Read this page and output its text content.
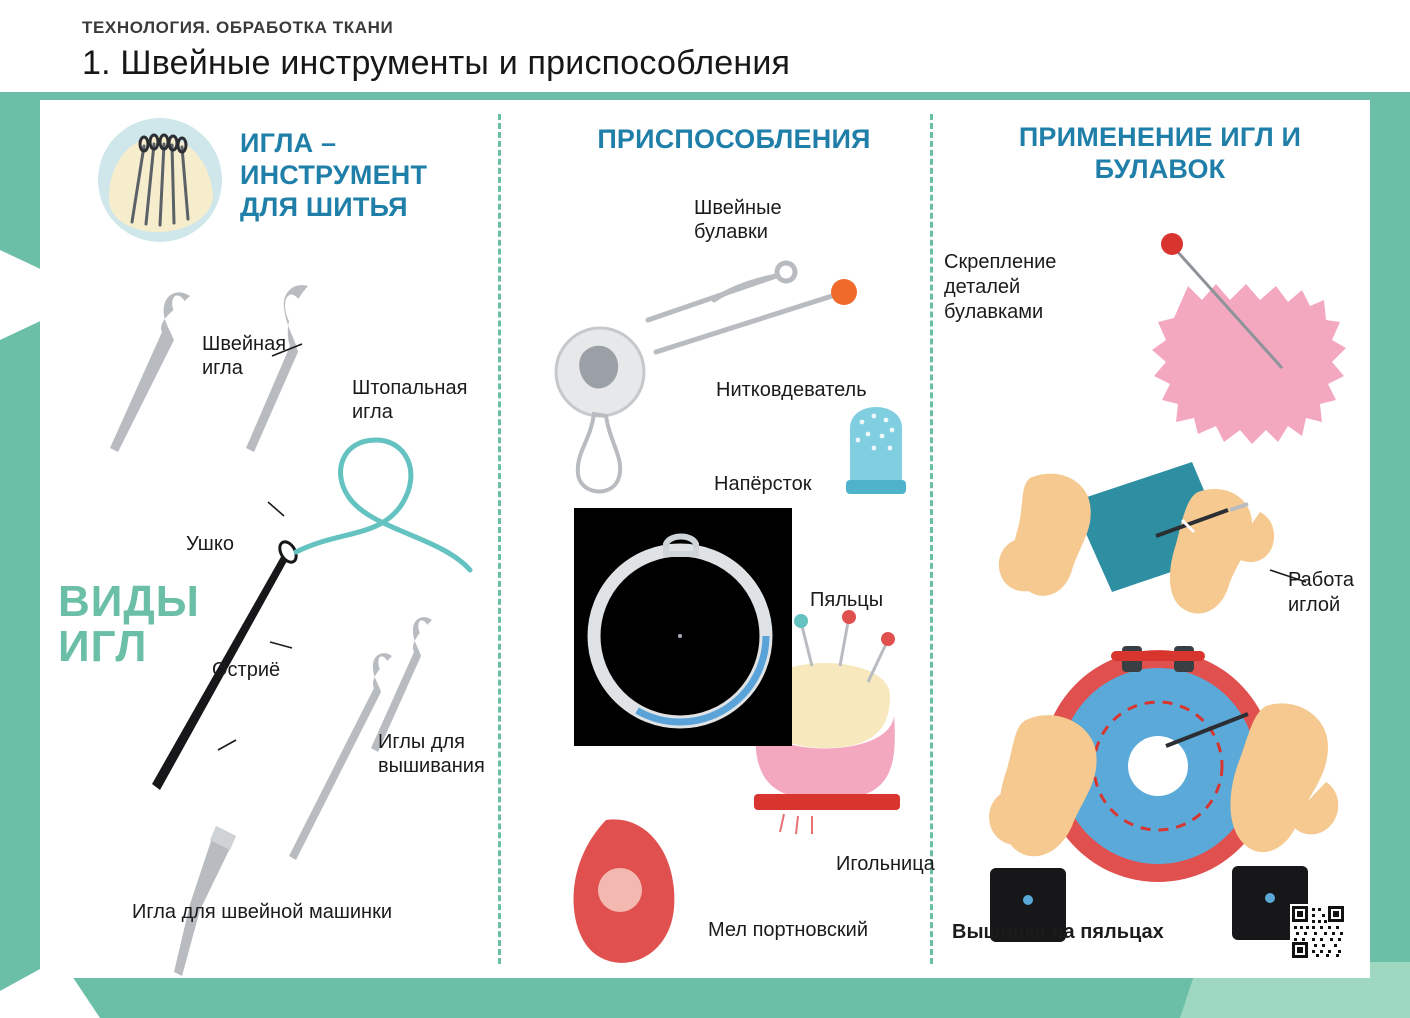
ТЕХНОЛОГИЯ. ОБРАБОТКА ТКАНИ
1. Швейные инструменты и приспособления
ИГЛА – ИНСТРУМЕНТ ДЛЯ ШИТЬЯ
Швейная игла
Штопальная игла
Ушко
Остриё
Иглы для вышивания
Игла для швейной машинки
ВИДЫ ИГЛ
ПРИСПОСОБЛЕНИЯ
Швейные булавки
Нитковдеватель
Напёрсток
Пяльцы
Игольница
Мел портновский
ПРИМЕНЕНИЕ ИГЛ И БУЛАВОК
Скрепление деталей булавками
Работа иглой
Вышивка на пяльцах
